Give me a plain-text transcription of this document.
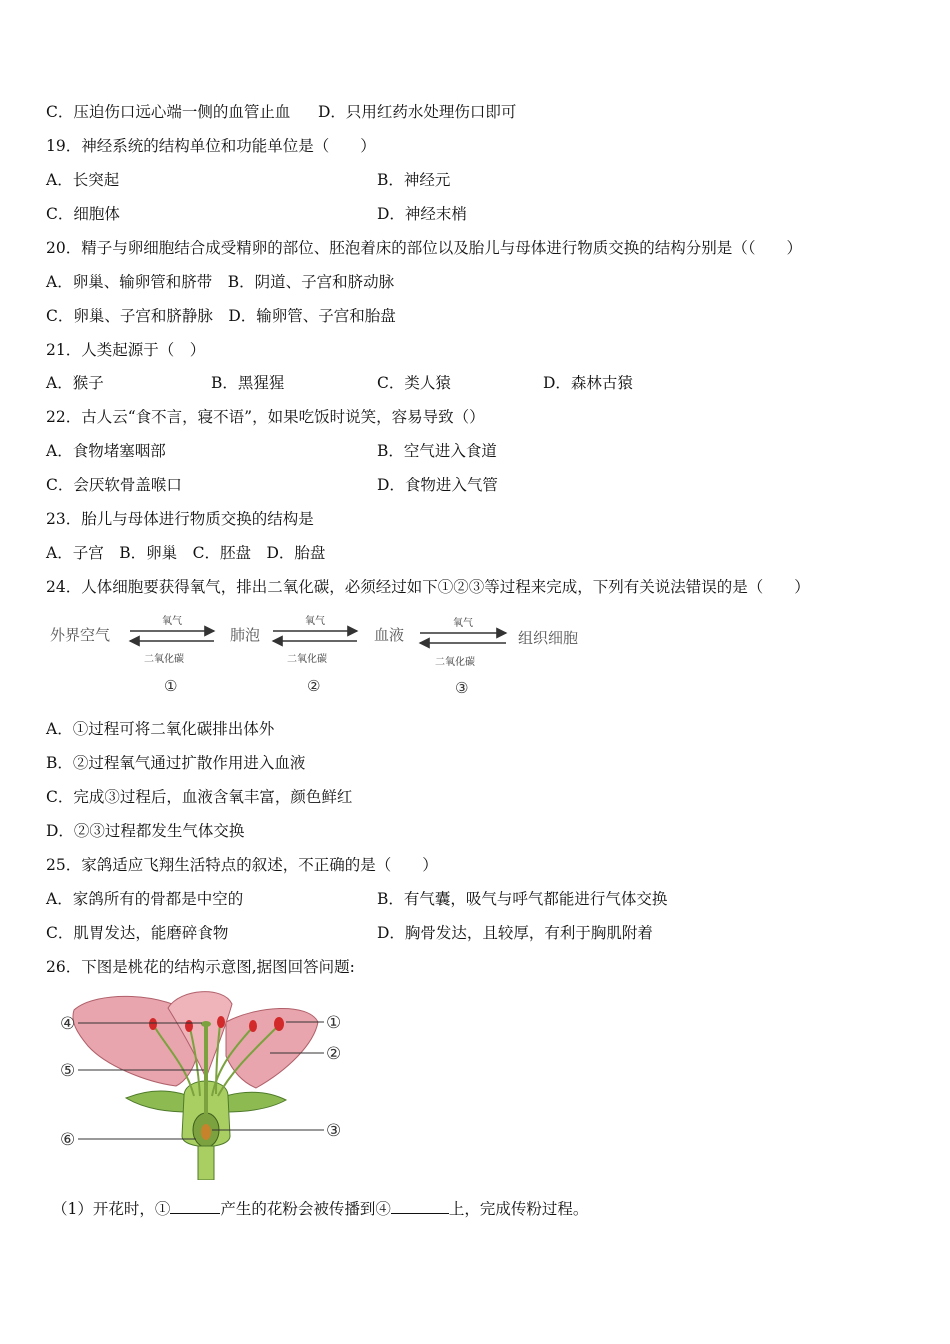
C．压迫伤口远心端一侧的血管止血 D．只用红药水处理伤口即可
19．神经系统的结构单位和功能单位是（　　）
A．长突起	B．神经元
C．细胞体	D．神经末梢
20．精子与卵细胞结合成受精卵的部位、胚泡着床的部位以及胎儿与母体进行物质交换的结构分别是（（　　）
A．卵巢、输卵管和脐带　B．阴道、子宫和脐动脉
C．卵巢、子宫和脐静脉　D．输卵管、子宫和胎盘
21．人类起源于（　）
A．猴子	B．黑猩猩	C．类人猿	D．森林古猿
22．古人云“食不言，寝不语”，如果吃饭时说笑，容易导致（）
A．食物堵塞咽部	B．空气进入食道
C．会厌软骨盖喉口	D．食物进入气管
23．胎儿与母体进行物质交换的结构是
A．子宫　B．卵巢　C．胚盘　D．胎盘
24．人体细胞要获得氧气，排出二氧化碳，必须经过如下①②③等过程来完成，下列有关说法错误的是（　　）
外界空气	肺泡	血液	组织细胞
氧气
二氧化碳
①
氧气
二氧化碳
②
氧气
二氧化碳
③
A．①过程可将二氧化碳排出体外
B．②过程氧气通过扩散作用进入血液
C．完成③过程后，血液含氧丰富，颜色鲜红
D．②③过程都发生气体交换
25．家鸽适应飞翔生活特点的叙述，不正确的是（　　）
A．家鸽所有的骨都是中空的	B．有气囊，吸气与呼气都能进行气体交换
C．肌胃发达，能磨碎食物	D．胸骨发达，且较厚，有利于胸肌附着
26．下图是桃花的结构示意图,据图回答问题:
④
⑤
⑥
①
②
③
（1）开花时，①	产生的花粉会被传播到④	上，完成传粉过程。
